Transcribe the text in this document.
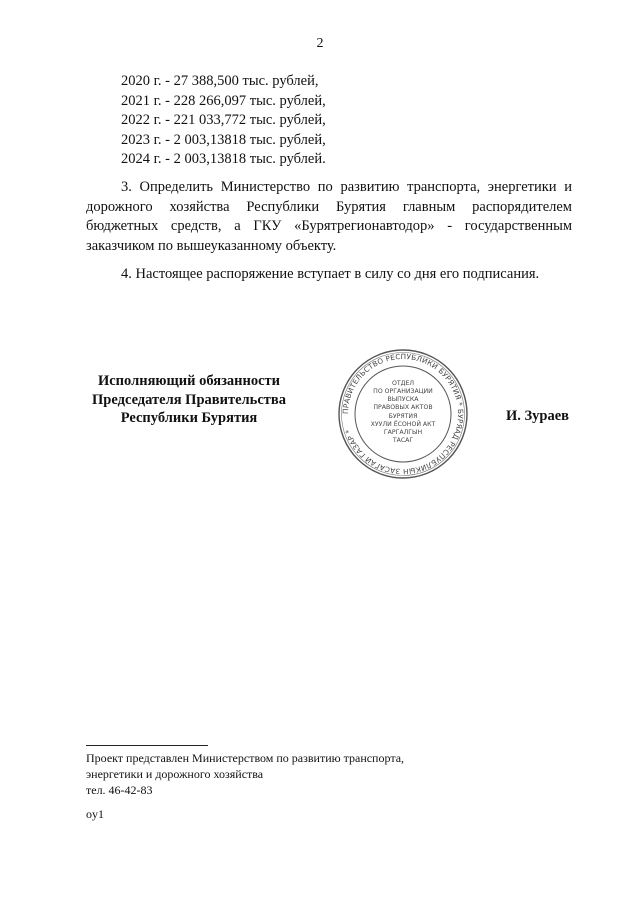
2
2020 г. - 27 388,500 тыс. рублей,
2021 г. - 228 266,097 тыс. рублей,
2022 г. - 221 033,772 тыс. рублей,
2023 г. - 2 003,13818 тыс. рублей,
2024 г. - 2 003,13818 тыс. рублей.
3. Определить Министерство по развитию транспорта, энергетики и дорожного хозяйства Республики Бурятия главным распорядителем бюджетных средств, а ГКУ «Бурятрегионавтодор» - государственным заказчиком по вышеуказанному объекту.
4. Настоящее распоряжение вступает в силу со дня его подписания.
Исполняющий обязанности
Председателя Правительства
Республики Бурятия	ПРАВИТЕЛЬСТВО РЕСПУБЛИКИ БУРЯТИЯ * БУРЯАД РЕСПУБЛИКЫН ЗАСАГАЙ ГАЗАР *
ОТДЕЛ
ПО ОРГАНИЗАЦИИ
ВЫПУСКА
ПРАВОВЫХ АКТОВ
БУРЯТИЯ
ХУУЛИ ЁСОНОЙ АКТ
ГАРГАЛГЫН
ТАСАГ
И. Зураев
Проект представлен Министерством по развитию транспорта,
энергетики и дорожного хозяйства
тел. 46-42-83
oy1
